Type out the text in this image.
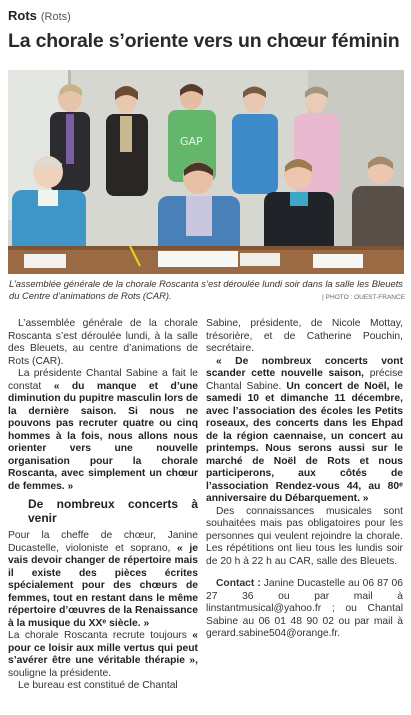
Rots (Rots)
La chorale s’oriente vers un chœur féminin
GAP
L’assemblée générale de la chorale Roscanta s’est déroulée lundi soir dans la salle les Bleuets du Centre d’animations de Rots (CAR).	| PHOTO : OUEST-FRANCE

L’assemblée générale de la chorale Roscanta s’est déroulée lundi, à la salle des Bleuets, au centre d’animations de Rots (CAR).

La présidente Chantal Sabine a fait le constat « du manque et d’une diminution du pupitre masculin lors de la dernière saison. Si nous ne pouvons pas recruter quatre ou cinq hommes à la fois, nous allons nous orienter vers une nouvelle organisation pour la chorale Roscanta, avec simplement un chœur de femmes. »

De nombreux concerts à venir

Pour la cheffe de chœur, Janine Ducastelle, violoniste et soprano, « je vais devoir changer de répertoire mais il existe des pièces écrites spécialement pour des chœurs de femmes, tout en restant dans le même répertoire d’œuvres de la Renaissance à la musique du XXᵉ siècle. »

La chorale Roscanta recrute toujours « pour ce loisir aux mille vertus qui peut s’avérer être une véritable thérapie », souligne la présidente.

Le bureau est constitué de Chantal

Sabine, présidente, de Nicole Mottay, trésorière, et de Catherine Pouchin, secrétaire.

« De nombreux concerts vont scander cette nouvelle saison, précise Chantal Sabine. Un concert de Noël, le samedi 10 et dimanche 11 décembre, avec l’association des écoles les Petits roseaux, des concerts dans les Ehpad de la région caennaise, un concert au printemps. Nous serons aussi sur le marché de Noël de Rots et nous participerons, aux côtés de l’association Rendez-vous 44, au 80ᵉ anniversaire du Débarquement. »

Des connaissances musicales sont souhaitées mais pas obligatoires pour les personnes qui veulent rejoindre la chorale. Les répétitions ont lieu tous les lundis soir de 20 h à 22 h au CAR, salle des Bleuets.

Contact : Janine Ducastelle au 06 87 06 27 36 ou par mail à linstantmusical@yahoo.fr ; ou Chantal Sabine au 06 01 48 90 02 ou par mail à gerard.sabine504@orange.fr.
